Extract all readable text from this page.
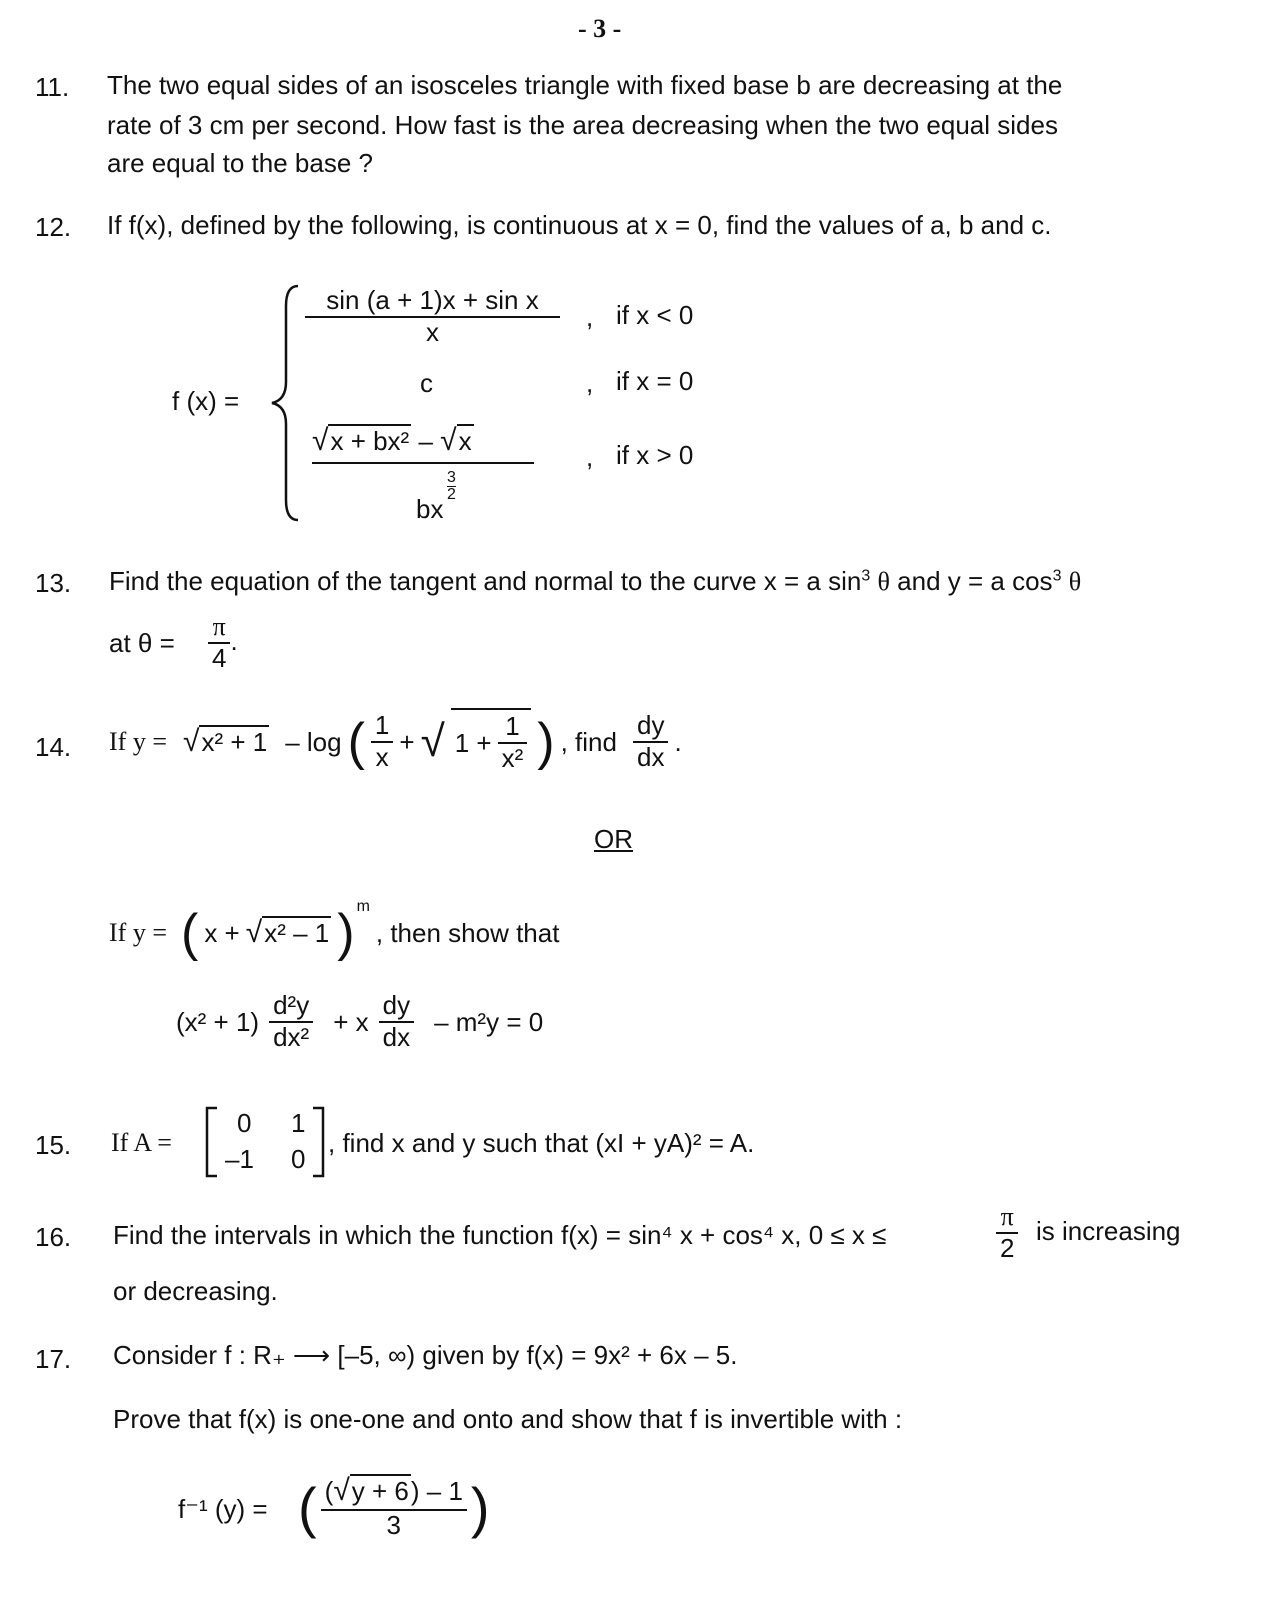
- 3 -
11. The two equal sides of an isosceles triangle with fixed base b are decreasing at the
rate of 3 cm per second. How fast is the area decreasing when the two equal sides
are equal to the base ?
12. If f(x), defined by the following, is continuous at x = 0, find the values of a, b and c.
f (x) =
$\frac{\text{sin (a + 1)x + sin x}}{x}$ , if x < 0
c	, if x = 0
√x + bx² – √x
bx
$\frac{3}{2}$
, if x > 0
13. Find the equation of the tangent and normal to the curve x = a $\sin^3 \theta$ and y = a $\cos^3 \theta$
at $\theta = \frac{\pi}{4}$ .
14. If y = √x² + 1 – log ( $\frac{1}{x}$ + √ $1 + \frac{1}{\text{x²}}$ ) , find $\frac{dy}{dx}$ .
OR
If y = ( x + √x² – 1 ) m
, then show that
$(x^2 + 1) \frac{\text{d²y}}{\text{dx²}} + x \frac{dy}{dx} - m^2y = 0$
15. If A =
0 1
–1 0
, find x and y such that (xI + yA)² = A.
16. Find the intervals in which the function f(x) = sin⁴ x + cos⁴ x, 0 ≤ x ≤	$\frac{\pi}{2}$ is increasing
or decreasing.
17. Consider f : R₊ ⟶ [–5, ∞) given by f(x) = 9x² + 6x – 5.
Prove that f(x) is one-one and onto and show that f is invertible with :
f⁻¹ (y) = ( $\frac{(√y + 6) - 1}{3}$ )
